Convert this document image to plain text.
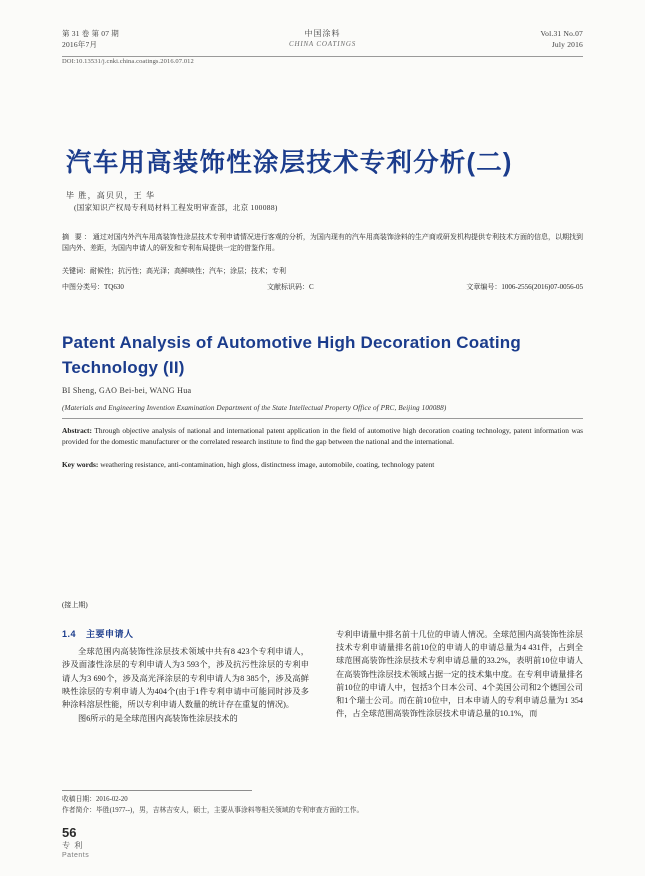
第 31 卷 第 07 期
2016年7月
中国涂料
CHINA COATINGS
Vol.31 No.07
July 2016
DOI:10.13531/j.cnki.china.coatings.2016.07.012
汽车用高装饰性涂层技术专利分析(二)
毕 胜，高贝贝，王 华
(国家知识产权局专利局材料工程发明审查部，北京 100088)
摘 要：通过对国内外汽车用高装饰性涂层技术专利申请情况进行客观的分析，为国内现有的汽车用高装饰涂料的生产商或研发机构提供专利技术方面的信息，以期找到国内外、差距，为国内申请人的研发和专利布局提供一定的借鉴作用。
关键词：耐候性；抗污性；高光泽；高鲜映性；汽车；涂层；技术；专利
中图分类号：TQ630	文献标识码：C	文章编号：1006-2556(2016)07-0056-05
Patent Analysis of Automotive High Decoration Coating Technology (II)
BI Sheng, GAO Bei-bei, WANG Hua
(Materials and Engineering Invention Examination Department of the State Intellectual Property Office of PRC, Beijing 100088)
Abstract: Through objective analysis of national and international patent application in the field of automotive high decoration coating technology, patent information was provided for the domestic manufacturer or the correlated research institute to find the gap between the national and the international.
Key words: weathering resistance, anti-contamination, high gloss, distinctness image, automobile, coating, technology patent
(接上期)
1.4 主要申请人

全球范围内高装饰性涂层技术领域中共有8 423个专利申请人，涉及面漆性涂层的专利申请人为3 593个，涉及抗污性涂层的专利申请人为3 690个，涉及高光泽涂层的专利申请人为8 385个，涉及高鲜映性涂层的专利申请人为404个(由于1件专利申请中可能同时涉及多种涂料溶层性能，所以专利申请人数量的统计存在重复的情况)。

图6所示的是全球范围内高装饰性涂层技术的

专利申请量中排名前十几位的申请人情况。全球范围内高装饰性涂层技术专利申请量排名前10位的申请人的申请总量为4 431件，占到全球范围高装饰性涂层技术专利申请总量的33.2%，表明前10位申请人在高装饰性涂层技术领域占据一定的技术集中度。在专利申请量排名前10位的申请人中，包括3个日本公司、4个美国公司和2个德国公司和1个瑞士公司。而在前10位中，日本申请人的专利申请总量为1 354件，占全球范围高装饰性涂层技术申请总量的10.1%，而

收稿日期：2016-02-20
作者简介：毕胜(1977--)，男，吉林吉安人，硕士，主要从事涂料等相关领域的专利审查方面的工作。
56
专 利
Patents
